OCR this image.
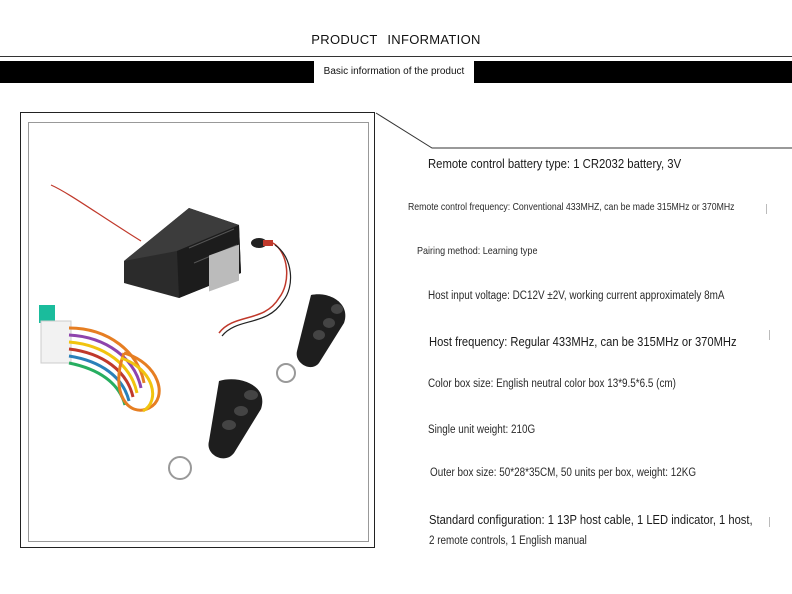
PRODUCT INFORMATION
Basic information of the product
Remote control battery type: 1 CR2032 battery, 3V
Remote control frequency: Conventional 433MHZ, can be made 315MHz or 370MHz
Pairing method: Learning type
Host input voltage: DC12V ±2V, working current approximately 8mA
Host frequency: Regular 433MHz, can be 315MHz or 370MHz
Color box size: English neutral color box 13*9.5*6.5 (cm)
Single unit weight: 210G
Outer box size: 50*28*35CM, 50 units per box, weight: 12KG
Standard configuration: 1 13P host cable, 1 LED indicator, 1 host,
2 remote controls, 1 English manual
